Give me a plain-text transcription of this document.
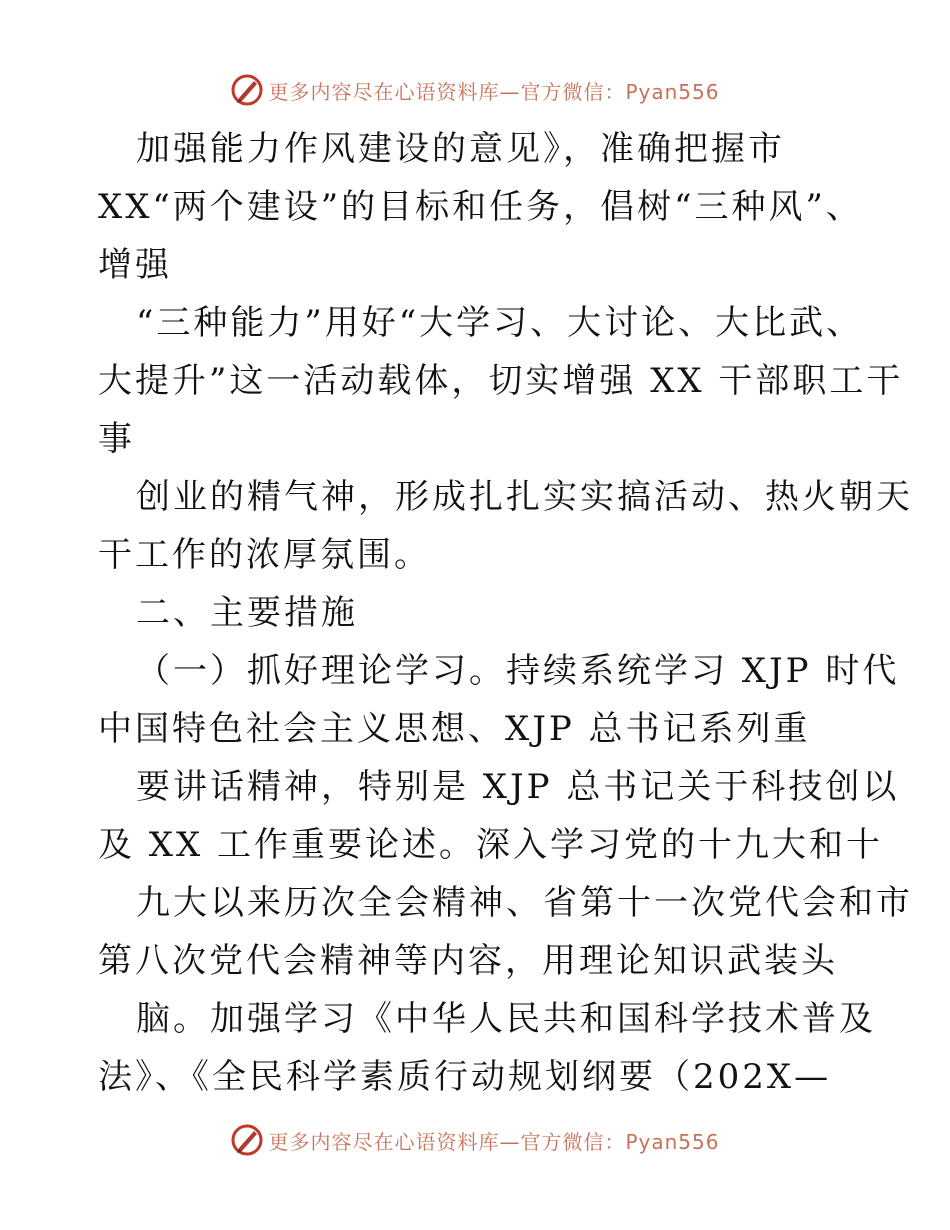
更多内容尽在心语资料库—官方微信：Pyan556
加强能力作风建设的意见》，准确把握市
XX“两个建设”的目标和任务，倡树“三种风”、
增强
“三种能力”用好“大学习、大讨论、大比武、
大提升”这一活动载体，切实增强 XX 干部职工干
事
创业的精气神，形成扎扎实实搞活动、热火朝天
干工作的浓厚氛围。
二、主要措施
（一）抓好理论学习。持续系统学习 XJP 时代
中国特色社会主义思想、XJP 总书记系列重
要讲话精神，特别是 XJP 总书记关于科技创以
及 XX 工作重要论述。深入学习党的十九大和十
九大以来历次全会精神、省第十一次党代会和市
第八次党代会精神等内容，用理论知识武装头
脑。加强学习《中华人民共和国科学技术普及
法》、《全民科学素质行动规划纲要（202X—
更多内容尽在心语资料库—官方微信：Pyan556
